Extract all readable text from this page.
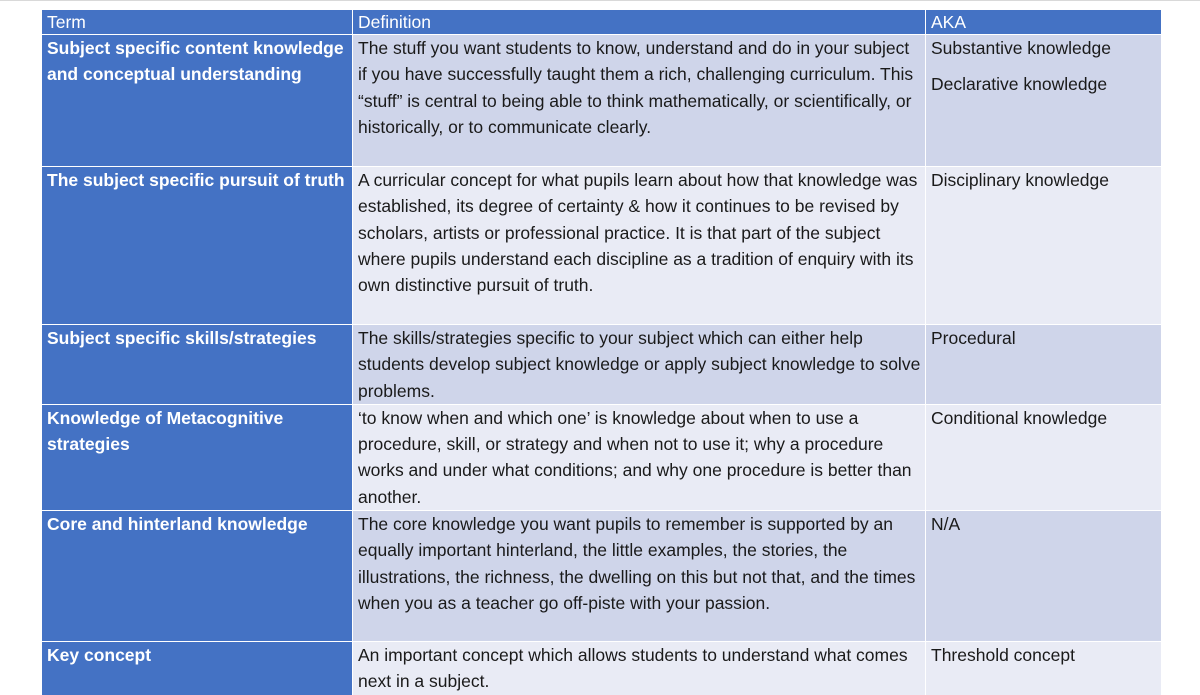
Term	Definition	AKA
Subject specific content knowledge and conceptual understanding	The stuff you want students to know, understand and do in your subject if you have successfully taught them a rich, challenging curriculum. This “stuff” is central to being able to think mathematically, or scientifically, or historically, or to communicate clearly.	Substantive knowledge
Declarative knowledge

The subject specific pursuit of truth	A curricular concept for what pupils learn about how that knowledge was established, its degree of certainty & how it continues to be revised by scholars, artists or professional practice. It is that part of the subject where pupils understand each discipline as a tradition of enquiry with its own distinctive pursuit of truth.	Disciplinary knowledge

Subject specific skills/strategies	The skills/strategies specific to your subject which can either help students develop subject knowledge or apply subject knowledge to solve problems.	Procedural

Knowledge of Metacognitive strategies	‘to know when and which one’ is knowledge about when to use a procedure, skill, or strategy and when not to use it; why a procedure works and under what conditions; and why one procedure is better than another.	Conditional knowledge

Core and hinterland knowledge	The core knowledge you want pupils to remember is supported by an equally important hinterland, the little examples, the stories, the illustrations, the richness, the dwelling on this but not that, and the times when you as a teacher go off-piste with your passion.	N/A

Key concept	An important concept which allows students to understand what comes next in a subject.	Threshold concept
